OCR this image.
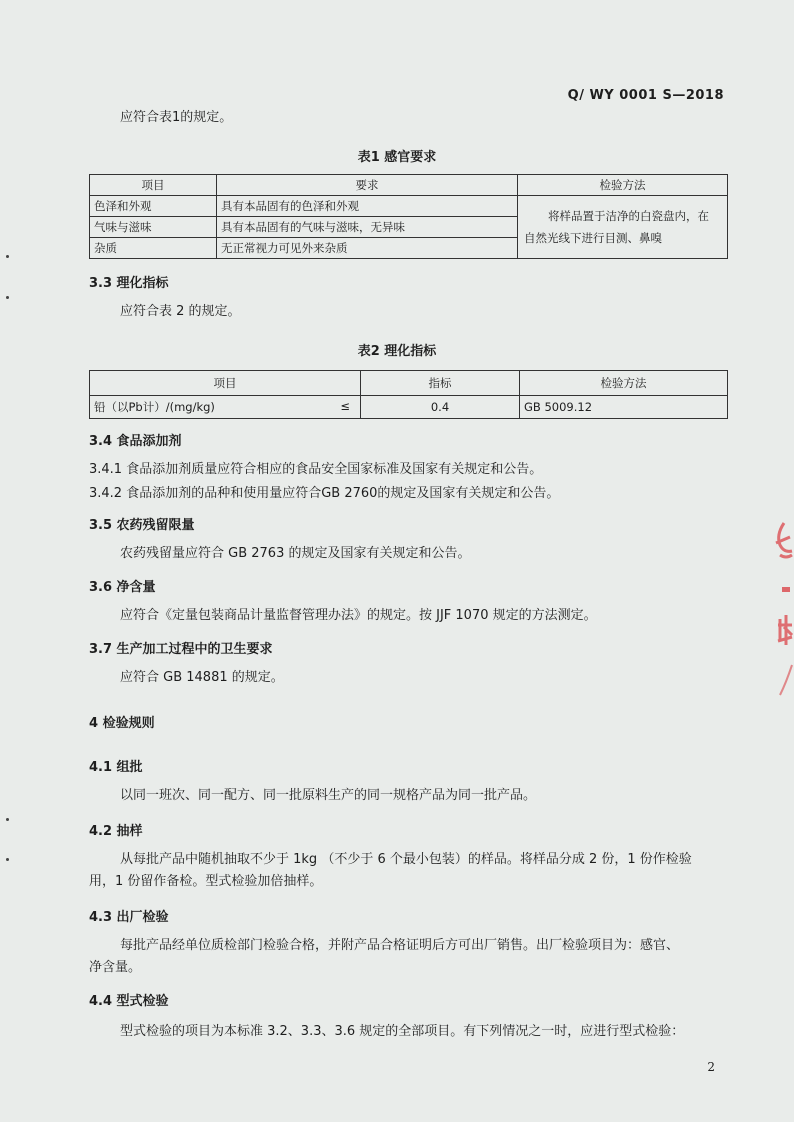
Q/ WY 0001 S—2018
应符合表1的规定。
表1 感官要求
项目	要求	检验方法
色泽和外观	具有本品固有的色泽和外观	将样品置于洁净的白瓷盘内，在
自然光线下进行目测、鼻嗅

气味与滋味	具有本品固有的气味与滋味，无异味	
杂质	无正常视力可见外来杂质	
3.3 理化指标
应符合表 2 的规定。
表2 理化指标
项目	指标	检验方法
铅（以Pb计）/(mg/kg) ≤	0.4	GB 5009.12
3.4 食品添加剂
3.4.1 食品添加剂质量应符合相应的食品安全国家标准及国家有关规定和公告。
3.4.2 食品添加剂的品种和使用量应符合GB 2760的规定及国家有关规定和公告。
3.5 农药残留限量
农药残留量应符合 GB 2763 的规定及国家有关规定和公告。
3.6 净含量
应符合《定量包装商品计量监督管理办法》的规定。按 JJF 1070 规定的方法测定。
3.7 生产加工过程中的卫生要求
应符合 GB 14881 的规定。
4 检验规则
4.1 组批
以同一班次、同一配方、同一批原料生产的同一规格产品为同一批产品。
4.2 抽样
从每批产品中随机抽取不少于 1kg （不少于 6 个最小包装）的样品。将样品分成 2 份，1 份作检验
用，1 份留作备检。型式检验加倍抽样。
4.3 出厂检验
每批产品经单位质检部门检验合格，并附产品合格证明后方可出厂销售。出厂检验项目为：感官、
净含量。
4.4 型式检验
型式检验的项目为本标准 3.2、3.3、3.6 规定的全部项目。有下列情况之一时，应进行型式检验：
2
